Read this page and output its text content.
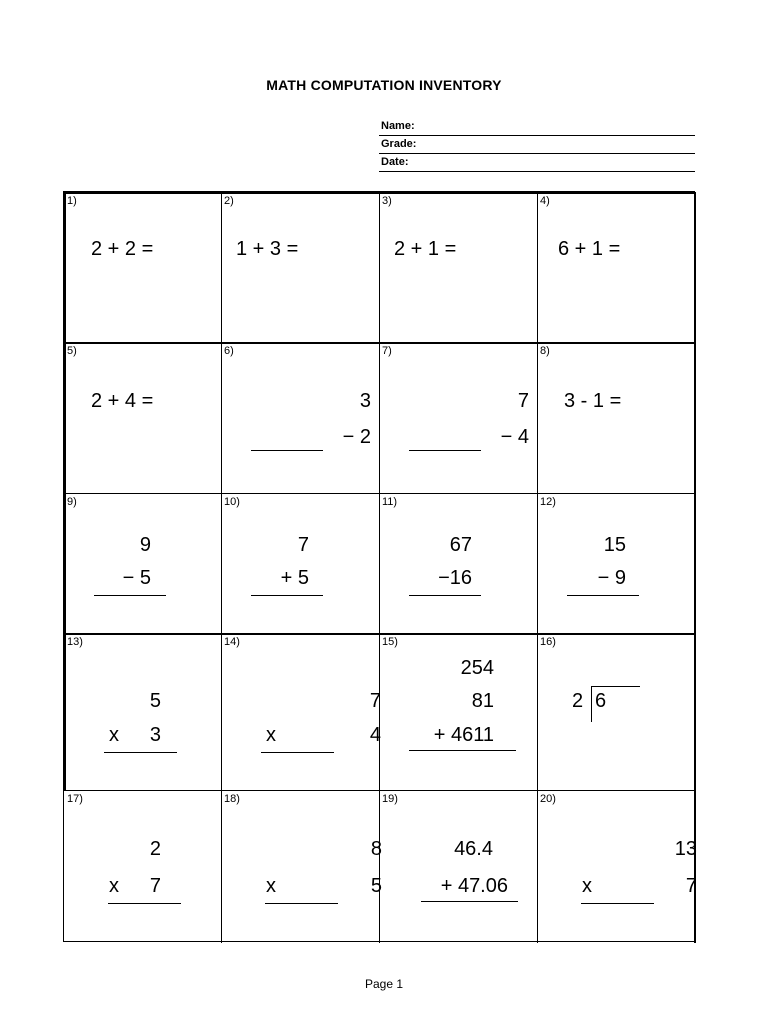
MATH COMPUTATION INVENTORY
Name:
Grade:
Date:
1)
2 + 2 =
2)
1 + 3 =
3)
2 + 1 =
4)
6 + 1 =
5)
2 + 4 =
6)
3
− 2
7)
7
− 4
8)
3 - 1 =
9)
9
− 5
10)
7
+ 5
11)
67
−16
12)
15
− 9
13)
5
x	3
14)
7
x	4
15)
254
81
+ 4611
16)
2 6
17)
2
x	7
18)
8
x	5
19)
46.4
+ 47.06
20)
13
x	7
Page 1
